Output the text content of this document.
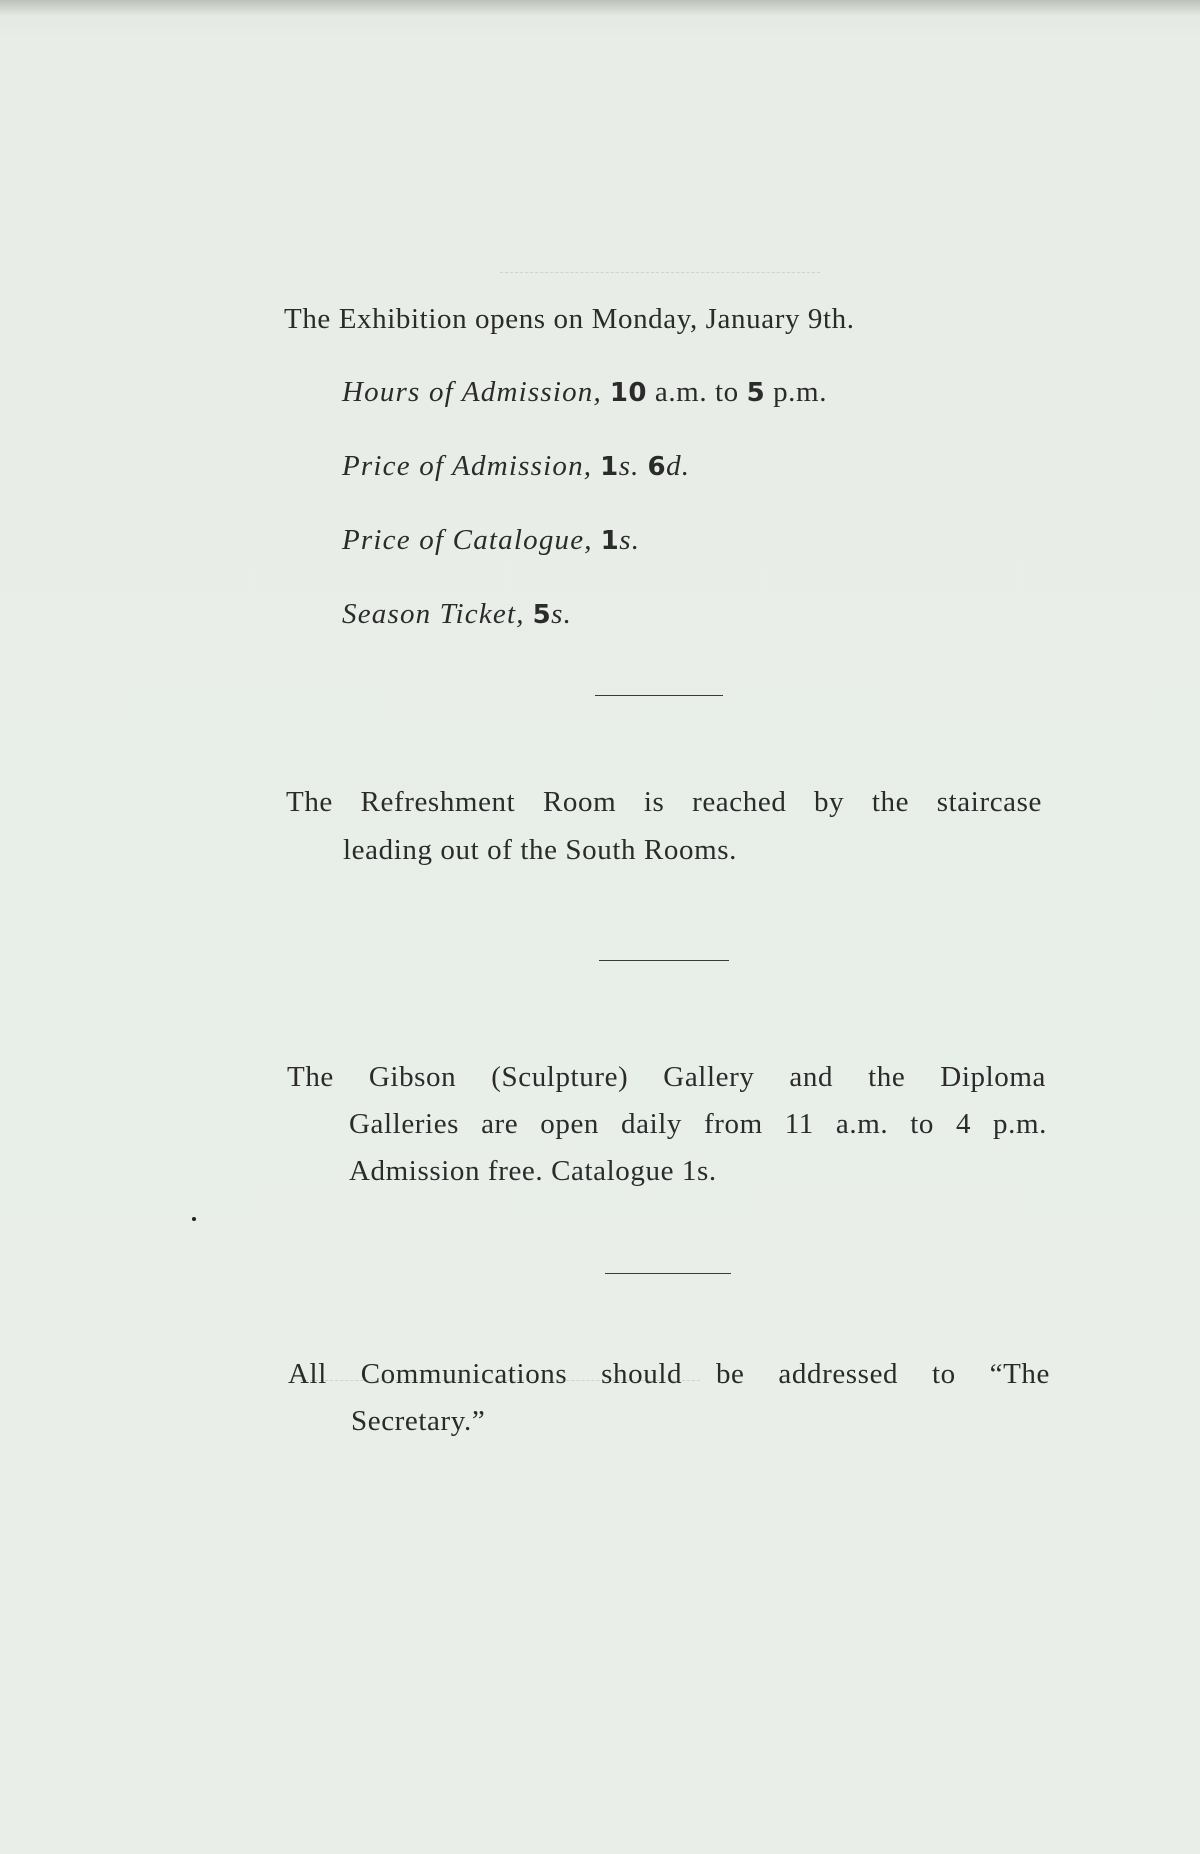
The Exhibition opens on Monday, January 9th.
Hours of Admission, 10 a.m. to 5 p.m.
Price of Admission, 1s. 6d.
Price of Catalogue, 1s.
Season Ticket, 5s.
The Refreshment Room is reached by the staircase
leading out of the South Rooms.
The Gibson (Sculpture) Gallery and the Diploma
Galleries are open daily from 11 a.m. to 4 p.m.
Admission free. Catalogue 1s.
All Communications should be addressed to “The
Secretary.”
